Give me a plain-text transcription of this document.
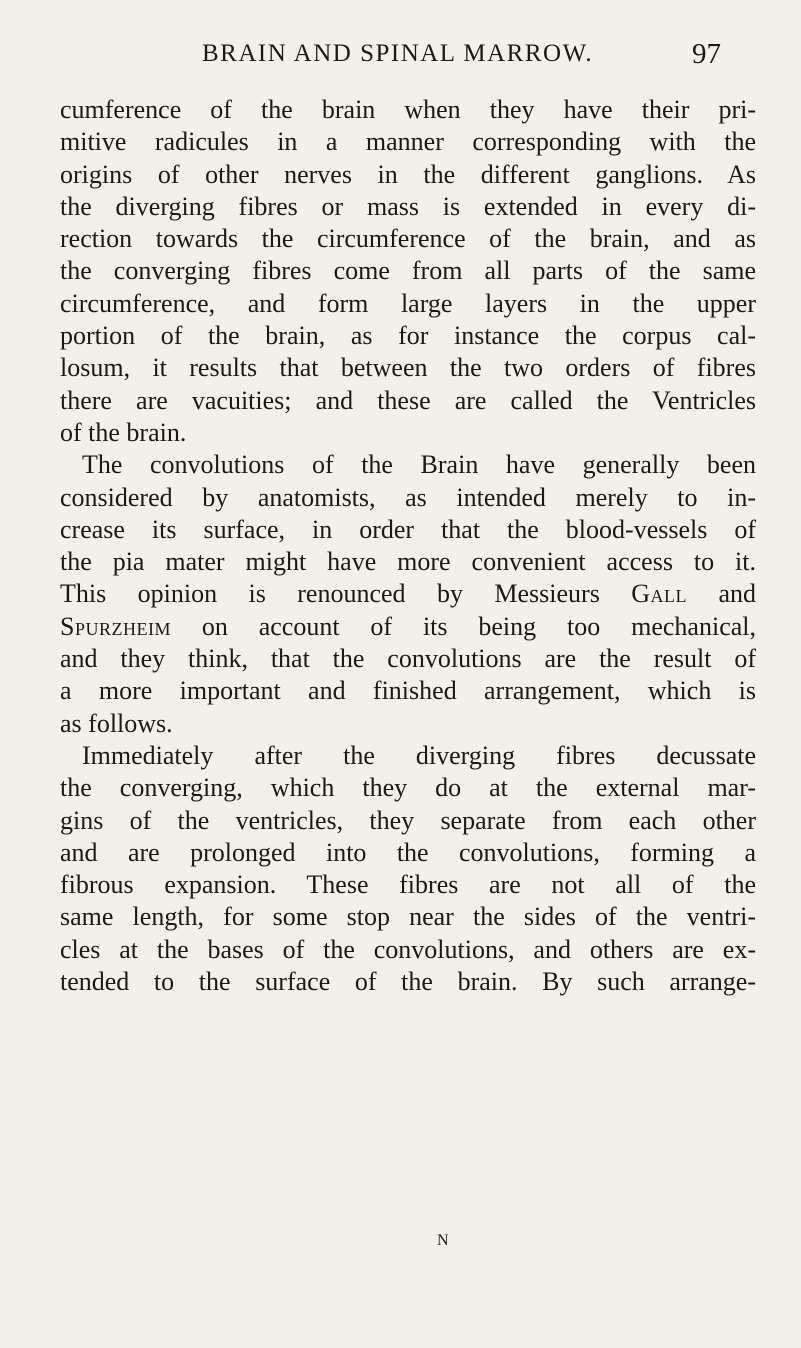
BRAIN AND SPINAL MARROW.	97
cumference of the brain when they have their pri-
mitive radicules in a manner corresponding with the
origins of other nerves in the different ganglions. As
the diverging fibres or mass is extended in every di-
rection towards the circumference of the brain, and as
the converging fibres come from all parts of the same
circumference, and form large layers in the upper
portion of the brain, as for instance the corpus cal-
losum, it results that between the two orders of fibres
there are vacuities; and these are called the Ventricles
of the brain.
The convolutions of the Brain have generally been
considered by anatomists, as intended merely to in-
crease its surface, in order that the blood-vessels of
the pia mater might have more convenient access to it.
This opinion is renounced by Messieurs Gall and
Spurzheim on account of its being too mechanical,
and they think, that the convolutions are the result of
a more important and finished arrangement, which is
as follows.
Immediately after the diverging fibres decussate
the converging, which they do at the external mar-
gins of the ventricles, they separate from each other
and are prolonged into the convolutions, forming a
fibrous expansion. These fibres are not all of the
same length, for some stop near the sides of the ventri-
cles at the bases of the convolutions, and others are ex-
tended to the surface of the brain. By such arrange-
N
